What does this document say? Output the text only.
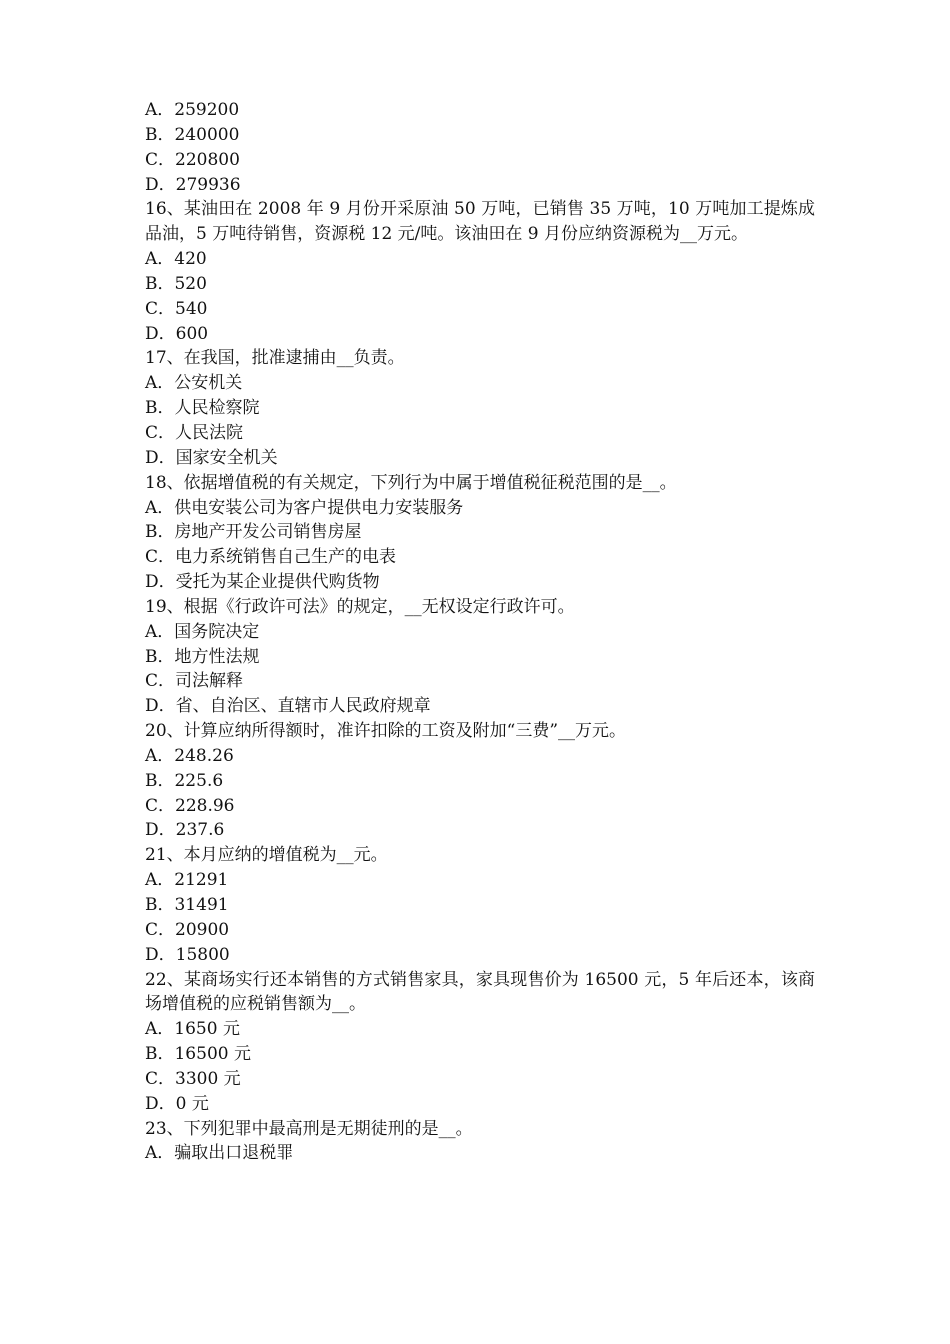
A．259200
B．240000
C．220800
D．279936
16、某油田在 2008 年 9 月份开采原油 50 万吨，已销售 35 万吨，10 万吨加工提炼成品油，5 万吨待销售，资源税 12 元/吨。该油田在 9 月份应纳资源税为__万元。
A．420
B．520
C．540
D．600
17、在我国，批准逮捕由__负责。
A．公安机关
B．人民检察院
C．人民法院
D．国家安全机关
18、依据增值税的有关规定，下列行为中属于增值税征税范围的是__。
A．供电安装公司为客户提供电力安装服务
B．房地产开发公司销售房屋
C．电力系统销售自己生产的电表
D．受托为某企业提供代购货物
19、根据《行政许可法》的规定，__无权设定行政许可。
A．国务院决定
B．地方性法规
C．司法解释
D．省、自治区、直辖市人民政府规章
20、计算应纳所得额时，准许扣除的工资及附加“三费”__万元。
A．248.26
B．225.6
C．228.96
D．237.6
21、本月应纳的增值税为__元。
A．21291
B．31491
C．20900
D．15800
22、某商场实行还本销售的方式销售家具，家具现售价为 16500 元，5 年后还本，该商场增值税的应税销售额为__。
A．1650 元
B．16500 元
C．3300 元
D．0 元
23、下列犯罪中最高刑是无期徒刑的是__。
A．骗取出口退税罪
